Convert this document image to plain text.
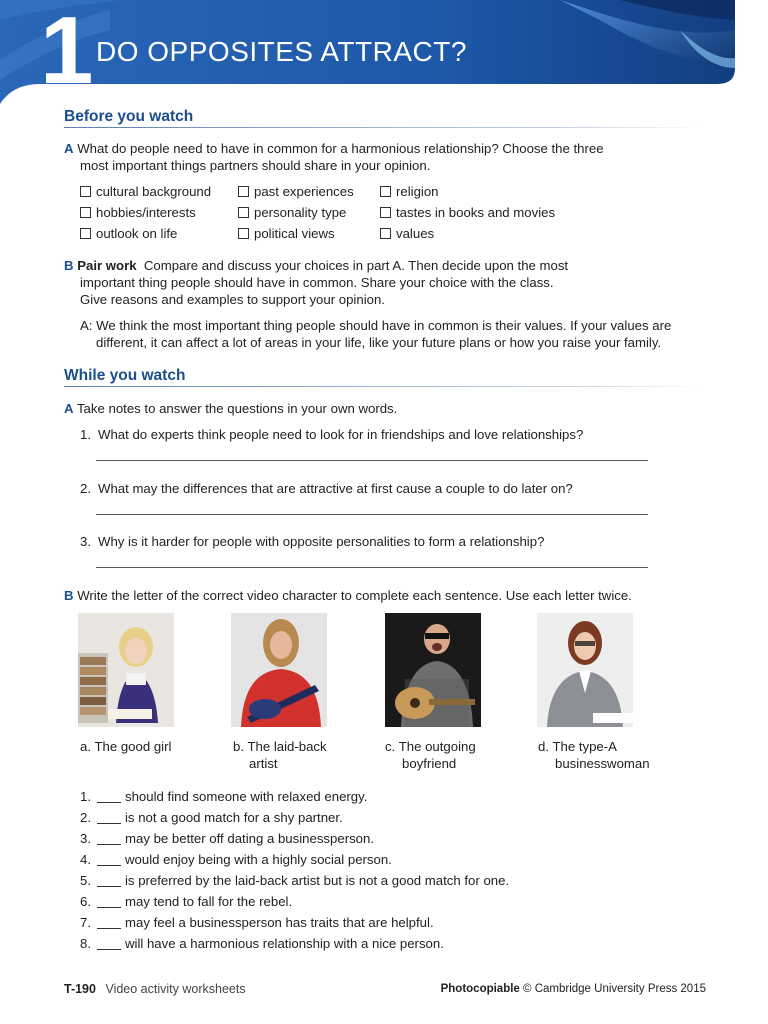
1 DO OPPOSITES ATTRACT?
Before you watch
A What do people need to have in common for a harmonious relationship? Choose the three
most important things partners should share in your opinion.
cultural background	past experiences	religion
hobbies/interests	personality type	tastes in books and movies
outlook on life	political views	values
B Pair work Compare and discuss your choices in part A. Then decide upon the most
important thing people should have in common. Share your choice with the class.
Give reasons and examples to support your opinion.
A: We think the most important thing people should have in common is their values. If your values are
different, it can affect a lot of areas in your life, like your future plans or how you raise your family.
While you watch
A Take notes to answer the questions in your own words.
1. What do experts think people need to look for in friendships and love relationships?
2. What may the differences that are attractive at first cause a couple to do later on?
3. Why is it harder for people with opposite personalities to form a relationship?
B Write the letter of the correct video character to complete each sentence. Use each letter twice.
a. The good girl	b. The laid-back
artist
c. The outgoing
boyfriend
d. The type-A
businesswoman
1.	should find someone with relaxed energy.
2.	is not a good match for a shy partner.
3.	may be better off dating a businessperson.
4.	would enjoy being with a highly social person.
5.	is preferred by the laid-back artist but is not a good match for one.
6.	may tend to fall for the rebel.
7.	may feel a businessperson has traits that are helpful.
8.	will have a harmonious relationship with a nice person.
T-190 Video activity worksheets	Photocopiable © Cambridge University Press 2015
